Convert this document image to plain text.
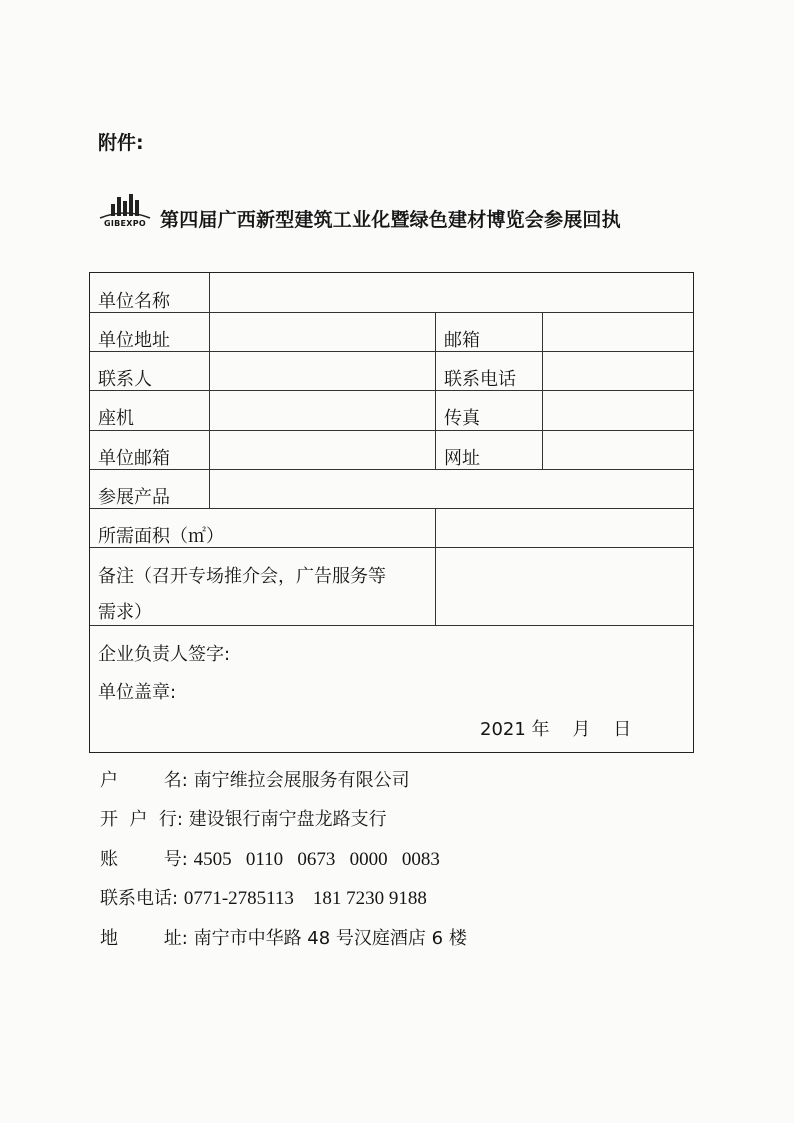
附件:
GIBEXPO 第四届广西新型建筑工业化暨绿色建材博览会参展回执
单位名称
单位地址	邮箱
联系人	联系电话
座机	传真
单位邮箱	网址
参展产品
所需面积（㎡）
备注（召开专场推介会，广告服务等
需求）
企业负责人签字:
单位盖章:
2021 年    月    日
户        名: 南宁维拉会展服务有限公司
开  户  行: 建设银行南宁盘龙路支行
账        号: 4505   0110   0673   0000   0083
联系电话: 0771-2785113    181 7230 9188
地        址: 南宁市中华路 48 号汉庭酒店 6 楼
